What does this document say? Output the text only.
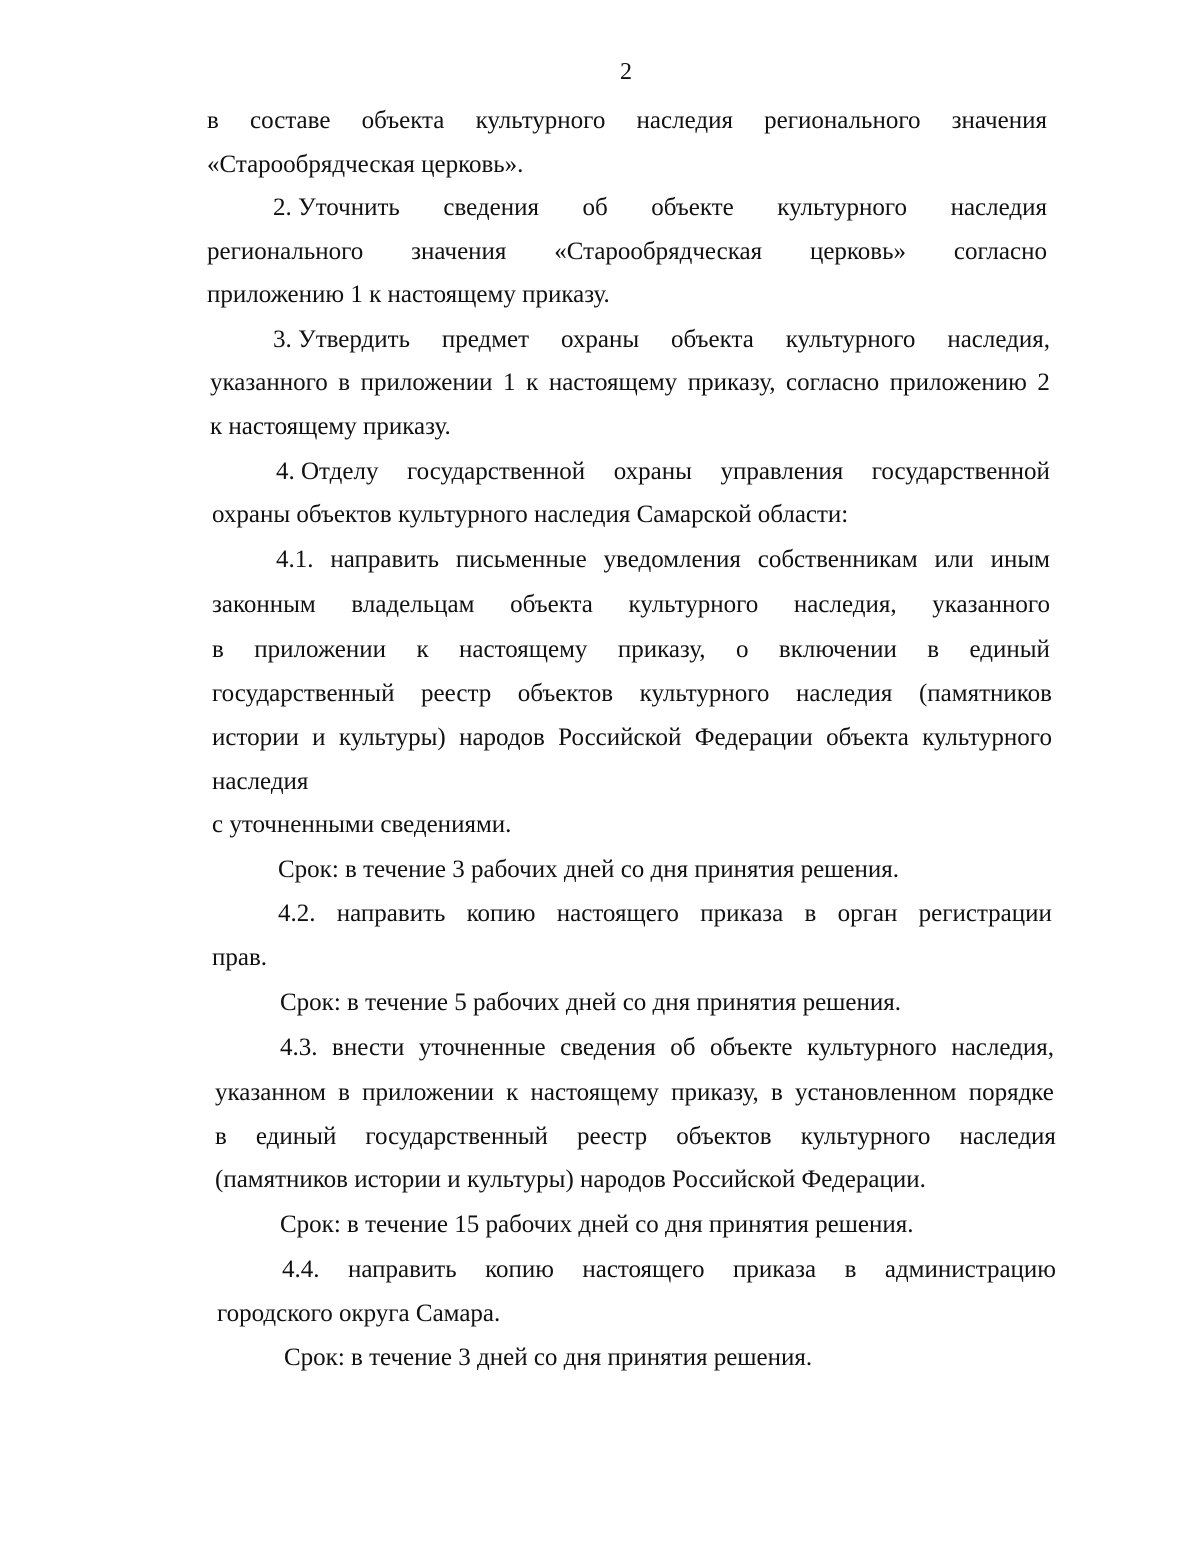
2
в составе объекта культурного наследия регионального значения
«Старообрядческая церковь».
2. Уточнить сведения об объекте культурного наследия
регионального значения «Старообрядческая церковь» согласно
приложению 1 к настоящему приказу.
3. Утвердить предмет охраны объекта культурного наследия,
указанного в приложении 1 к настоящему приказу, согласно приложению 2
к настоящему приказу.
4. Отделу государственной охраны управления государственной
охраны объектов культурного наследия Самарской области:
4.1. направить письменные уведомления собственникам или иным
законным владельцам объекта культурного наследия, указанного
в приложении к настоящему приказу, о включении в единый
государственный реестр объектов культурного наследия (памятников
истории и культуры) народов Российской Федерации объекта культурного
наследия
с уточненными сведениями.
Срок: в течение 3 рабочих дней со дня принятия решения.
4.2. направить копию настоящего приказа в орган регистрации
прав.
Срок: в течение 5 рабочих дней со дня принятия решения.
4.3. внести уточненные сведения об объекте культурного наследия,
указанном в приложении к настоящему приказу, в установленном порядке
в единый государственный реестр объектов культурного наследия
(памятников истории и культуры) народов Российской Федерации.
Срок: в течение 15 рабочих дней со дня принятия решения.
4.4. направить копию настоящего приказа в администрацию
городского округа Самара.
Срок: в течение 3 дней со дня принятия решения.
